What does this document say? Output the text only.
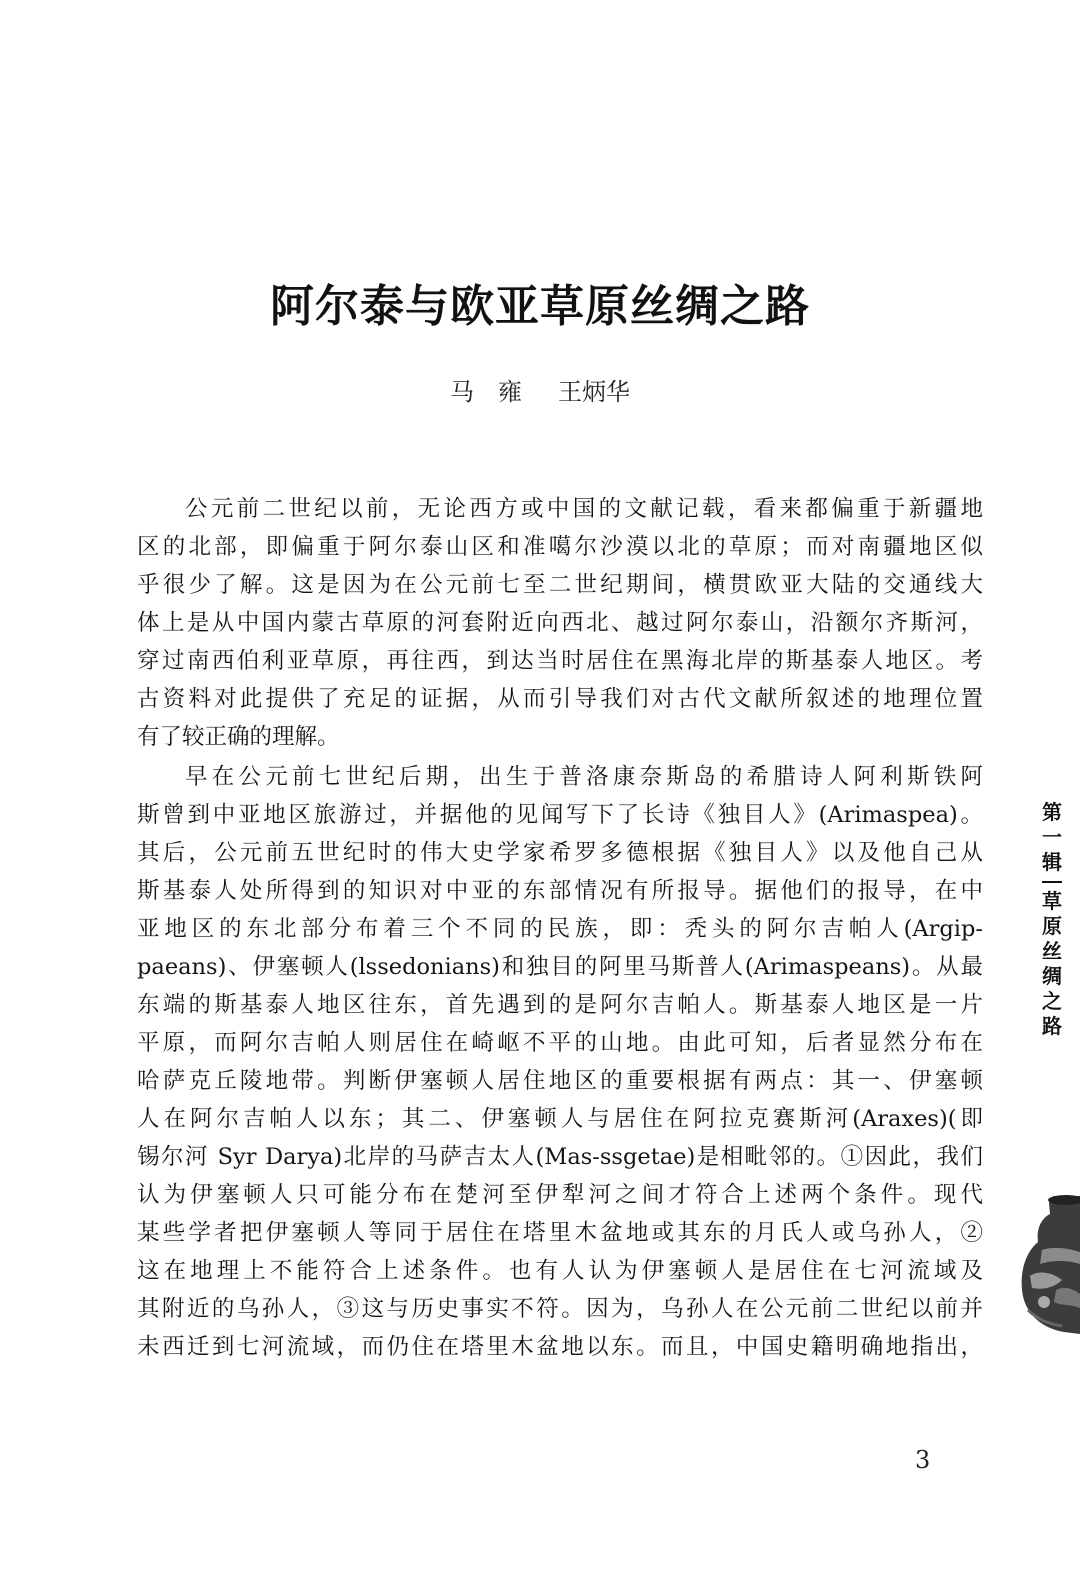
阿尔泰与欧亚草原丝绸之路
马　雍 王炳华
公元前二世纪以前，无论西方或中国的文献记载，看来都偏重于新疆地
区的北部，即偏重于阿尔泰山区和准噶尔沙漠以北的草原；而对南疆地区似
乎很少了解。这是因为在公元前七至二世纪期间，横贯欧亚大陆的交通线大
体上是从中国内蒙古草原的河套附近向西北、越过阿尔泰山，沿额尔齐斯河，
穿过南西伯利亚草原，再往西，到达当时居住在黑海北岸的斯基泰人地区。考
古资料对此提供了充足的证据，从而引导我们对古代文献所叙述的地理位置
有了较正确的理解。
早在公元前七世纪后期，出生于普洛康奈斯岛的希腊诗人阿利斯铁阿
斯曾到中亚地区旅游过，并据他的见闻写下了长诗《独目人》(Arimaspea)。
其后，公元前五世纪时的伟大史学家希罗多德根据《独目人》以及他自己从
斯基泰人处所得到的知识对中亚的东部情况有所报导。据他们的报导，在中
亚地区的东北部分布着三个不同的民族，即：秃头的阿尔吉帕人(Argip-
paeans)、伊塞顿人(lssedonians)和独目的阿里马斯普人(Arimaspeans)。从最
东端的斯基泰人地区往东，首先遇到的是阿尔吉帕人。斯基泰人地区是一片
平原，而阿尔吉帕人则居住在崎岖不平的山地。由此可知，后者显然分布在
哈萨克丘陵地带。判断伊塞顿人居住地区的重要根据有两点：其一、伊塞顿
人在阿尔吉帕人以东；其二、伊塞顿人与居住在阿拉克赛斯河(Araxes)(即
锡尔河 Syr Darya)北岸的马萨吉太人(Mas-ssgetae)是相毗邻的。①因此，我们
认为伊塞顿人只可能分布在楚河至伊犁河之间才符合上述两个条件。现代
某些学者把伊塞顿人等同于居住在塔里木盆地或其东的月氏人或乌孙人，②
这在地理上不能符合上述条件。也有人认为伊塞顿人是居住在七河流域及
其附近的乌孙人，③这与历史事实不符。因为，乌孙人在公元前二世纪以前并
未西迁到七河流域，而仍住在塔里木盆地以东。而且，中国史籍明确地指出，
第
一
辑
草
原
丝
绸
之
路
3
